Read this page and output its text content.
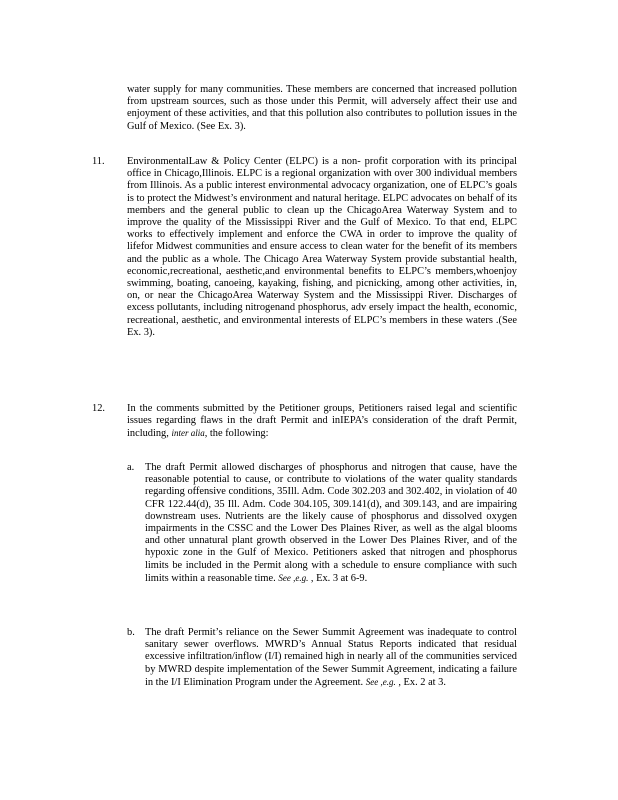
water supply for many communities. These members are concerned that increased pollution from upstream sources, such as those under this Permit, will adversely affect their use and enjoyment of these activities, and that this pollution also contributes to pollution issues in the Gulf of Mexico. (See Ex. 3).

11. EnvironmentalLaw & Policy Center (ELPC) is a non- profit corporation with its principal office in Chicago,Illinois. ELPC is a regional organization with over 300 individual members from Illinois. As a public interest environmental advocacy organization, one of ELPC’s goals is to protect the Midwest’s environment and natural heritage. ELPC advocates on behalf of its members and the general public to clean up the ChicagoArea Waterway System and to improve the quality of the Mississippi River and the Gulf of Mexico. To that end, ELPC works to effectively implement and enforce the CWA in order to improve the quality of lifefor Midwest communities and ensure access to clean water for the benefit of its members and the public as a whole. The Chicago Area Waterway System provide substantial health, economic,recreational, aesthetic,and environmental benefits to ELPC’s members,whoenjoy swimming, boating, canoeing, kayaking, fishing, and picnicking, among other activities, in, on, or near the ChicagoArea Waterway System and the Mississippi River. Discharges of excess pollutants, including nitrogenand phosphorus, adv ersely impact the health, economic, recreational, aesthetic, and environmental interests of ELPC’s members in these waters .(See Ex. 3).

12. In the comments submitted by the Petitioner groups, Petitioners raised legal and scientific issues regarding flaws in the draft Permit and inIEPA’s consideration of the draft Permit, including, inter alia, the following:

a. The draft Permit allowed discharges of phosphorus and nitrogen that cause, have the reasonable potential to cause, or contribute to violations of the water quality standards regarding offensive conditions, 35Ill. Adm. Code 302.203 and 302.402, in violation of 40 CFR 122.44(d), 35 Ill. Adm. Code 304.105, 309.141(d), and 309.143, and are impairing downstream uses. Nutrients are the likely cause of phosphorus and dissolved oxygen impairments in the CSSC and the Lower Des Plaines River, as well as the algal blooms and other unnatural plant growth observed in the Lower Des Plaines River, and of the hypoxic zone in the Gulf of Mexico. Petitioners asked that nitrogen and phosphorus limits be included in the Permit along with a schedule to ensure compliance with such limits within a reasonable time. See ,e.g. , Ex. 3 at 6-9.

b. The draft Permit’s reliance on the Sewer Summit Agreement was inadequate to control sanitary sewer overflows. MWRD’s Annual Status Reports indicated that residual excessive infiltration/inflow (I/I) remained high in nearly all of the communities serviced by MWRD despite implementation of the Sewer Summit Agreement, indicating a failure in the I/I Elimination Program under the Agreement. See ,e.g. , Ex. 2 at 3.
